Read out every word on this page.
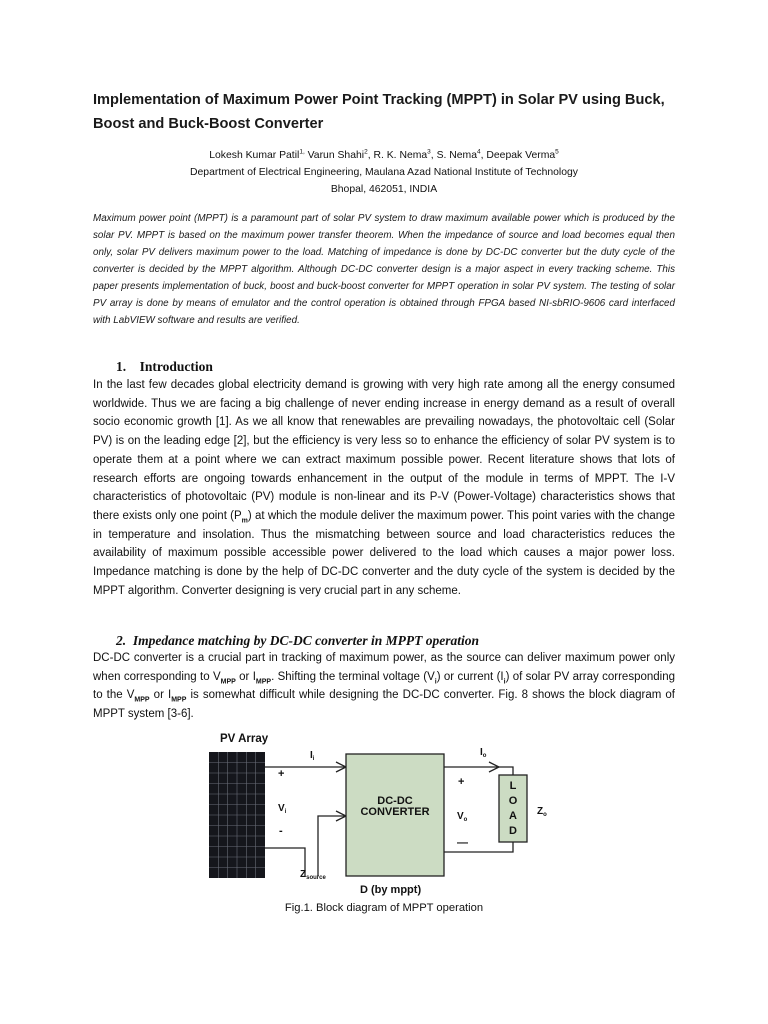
Implementation of Maximum Power Point Tracking (MPPT) in Solar PV using Buck, Boost and Buck-Boost Converter
Lokesh Kumar Patil$^{1,}$ Varun Shahi$^2$, R. K. Nema$^3$, S. Nema$^4$, Deepak Verma$^5$
Department of Electrical Engineering, Maulana Azad National Institute of Technology
Bhopal, 462051, INDIA
Maximum power point (MPPT) is a paramount part of solar PV system to draw maximum available power which is produced by the solar PV. MPPT is based on the maximum power transfer theorem. When the impedance of source and load becomes equal then only, solar PV delivers maximum power to the load. Matching of impedance is done by DC-DC converter but the duty cycle of the converter is decided by the MPPT algorithm. Although DC-DC converter design is a major aspect in every tracking scheme. This paper presents implementation of buck, boost and buck-boost converter for MPPT operation in solar PV system. The testing of solar PV array is done by means of emulator and the control operation is obtained through FPGA based NI-sbRIO-9606 card interfaced with LabVIEW software and results are verified.
1. Introduction
In the last few decades global electricity demand is growing with very high rate among all the energy consumed worldwide. Thus we are facing a big challenge of never ending increase in energy demand as a result of overall socio economic growth [1]. As we all know that renewables are prevailing nowadays, the photovoltaic cell (Solar PV) is on the leading edge [2], but the efficiency is very less so to enhance the efficiency of solar PV system is to operate them at a point where we can extract maximum possible power. Recent literature shows that lots of research efforts are ongoing towards enhancement in the output of the module in terms of MPPT. The I-V characteristics of photovoltaic (PV) module is non-linear and its P-V (Power-Voltage) characteristics shows that there exists only one point $(P_m)$ at which the module deliver the maximum power. This point varies with the change in temperature and insolation. Thus the mismatching between source and load characteristics reduces the availability of maximum possible accessible power delivered to the load which causes a major power loss. Impedance matching is done by the help of DC-DC converter and the duty cycle of the system is decided by the MPPT algorithm. Converter designing is very crucial part in any scheme.
2. Impedance matching by DC-DC converter in MPPT operation
DC-DC converter is a crucial part in tracking of maximum power, as the source can deliver maximum power only when corresponding to $V_{MPP}$ or $I_{MPP}$. Shifting the terminal voltage $(V_i)$ or current $(I_i)$ of solar PV array corresponding to the $V_{MPP}$ or $I_{MPP}$ is somewhat difficult while designing the DC-DC converter. Fig. 8 shows the block diagram of MPPT system [3-6].
PV Array
$I_i$
+
$V_i$
-
DC-DC
CONVERTER
$I_o$
+
$V_o$
—
L
O
A
D
$Z_o$
$Z_{source}$
D (by mppt)
Fig.1. Block diagram of MPPT operation
